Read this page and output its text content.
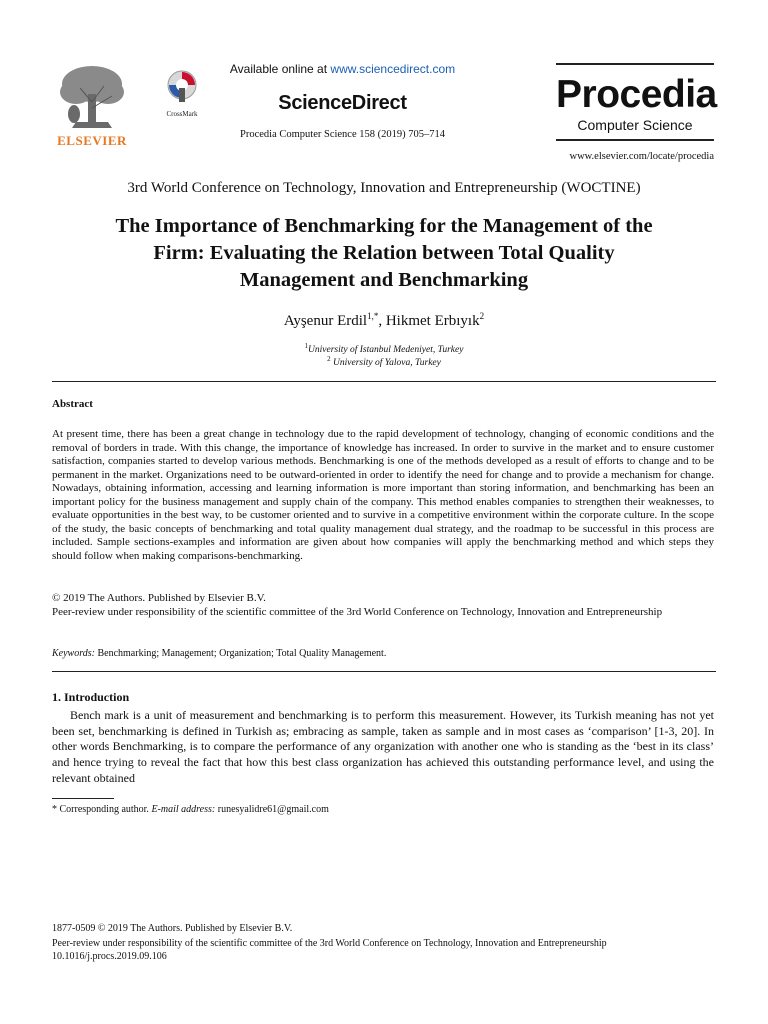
ELSEVIER
CrossMark
Available online at www.sciencedirect.com
ScienceDirect
Procedia Computer Science 158 (2019) 705–714
Procedia
Computer Science
www.elsevier.com/locate/procedia
3rd World Conference on Technology, Innovation and Entrepreneurship (WOCTINE)
The Importance of Benchmarking for the Management of the
Firm: Evaluating the Relation between Total Quality
Management and Benchmarking
Ayşenur Erdil$^{1,*}$, Hikmet Erbıyık$^2$
$^1$University of Istanbul Medeniyet, Turkey
$^2$ University of Yalova, Turkey
Abstract
At present time, there has been a great change in technology due to the rapid development of technology, changing of economic conditions and the removal of borders in trade. With this change, the importance of knowledge has increased. In order to survive in the market and to ensure customer satisfaction, companies started to develop various methods. Benchmarking is one of the methods developed as a result of efforts to change and to be permanent in the market. Organizations need to be outward-oriented in order to identify the need for change and to provide a mechanism for change. Nowadays, obtaining information, accessing and learning information is more important than storing information, and benchmarking has been an important policy for the business management and supply chain of the company. This method enables companies to strengthen their weaknesses, to evaluate opportunities in the best way, to be customer oriented and to survive in a competitive environment within the corporate culture. In the scope of the study, the basic concepts of benchmarking and total quality management dual strategy, and the roadmap to be successful in this process are included. Sample sections-examples and information are given about how companies will apply the benchmarking method and which steps they should follow when making comparisons-benchmarking.
© 2019 The Authors. Published by Elsevier B.V.
Peer-review under responsibility of the scientific committee of the 3rd World Conference on Technology, Innovation and Entrepreneurship
Keywords: Benchmarking; Management; Organization; Total Quality Management.
1. Introduction
Bench mark is a unit of measurement and benchmarking is to perform this measurement. However, its Turkish meaning has not yet been set, benchmarking is defined in Turkish as; embracing as sample, taken as sample and in most cases as ‘comparison’ [1-3, 20]. In other words Benchmarking, is to compare the performance of any organization with another one who is standing as the ‘best in its class’ and hence trying to reveal the fact that how this best class organization has achieved this outstanding performance level, and using the relevant obtained
* Corresponding author. E-mail address: runesyalidre61@gmail.com
1877-0509 © 2019 The Authors. Published by Elsevier B.V.
Peer-review under responsibility of the scientific committee of the 3rd World Conference on Technology, Innovation and Entrepreneurship
10.1016/j.procs.2019.09.106
